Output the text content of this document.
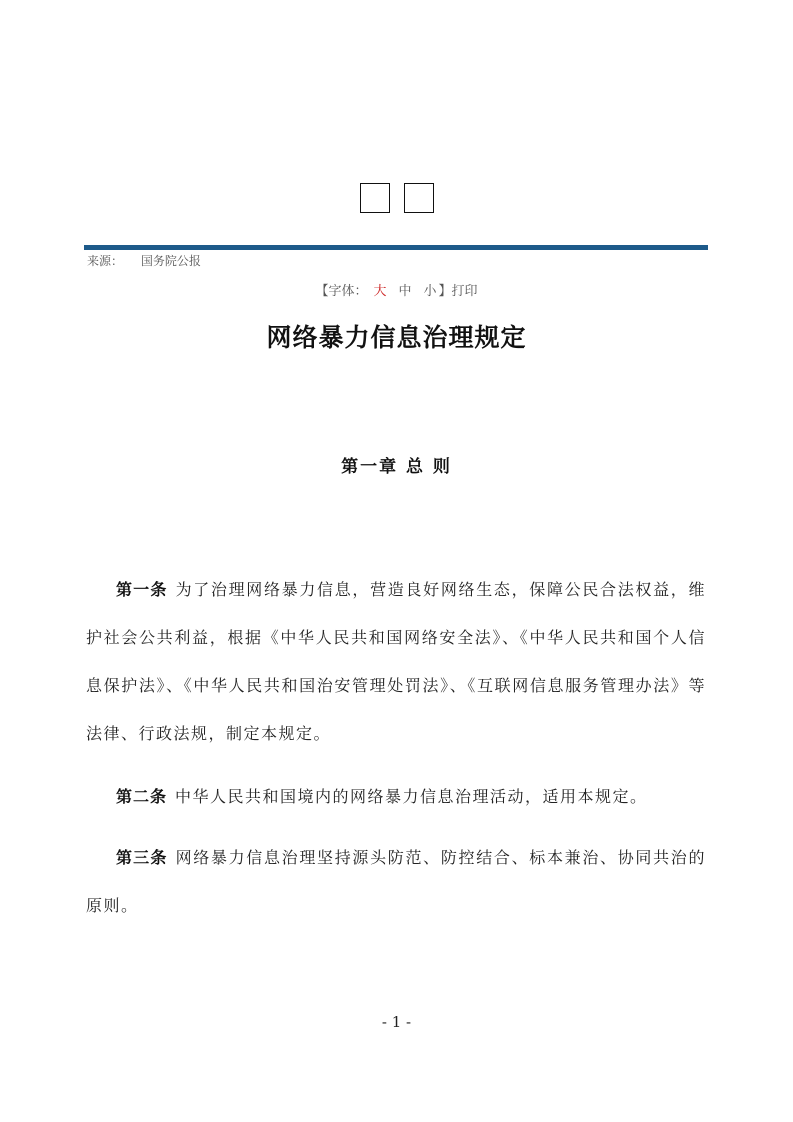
来源： 国务院公报
【字体： 大 中 小 】打印
网络暴力信息治理规定
第一章 总 则
第一条 为了治理网络暴力信息，营造良好网络生态，保障公民合法权益，维护社会公共利益，根据《中华人民共和国网络安全法》、《中华人民共和国个人信息保护法》、《中华人民共和国治安管理处罚法》、《互联网信息服务管理办法》等法律、行政法规，制定本规定。
第二条 中华人民共和国境内的网络暴力信息治理活动，适用本规定。
第三条 网络暴力信息治理坚持源头防范、防控结合、标本兼治、协同共治的原则。
- 1 -
